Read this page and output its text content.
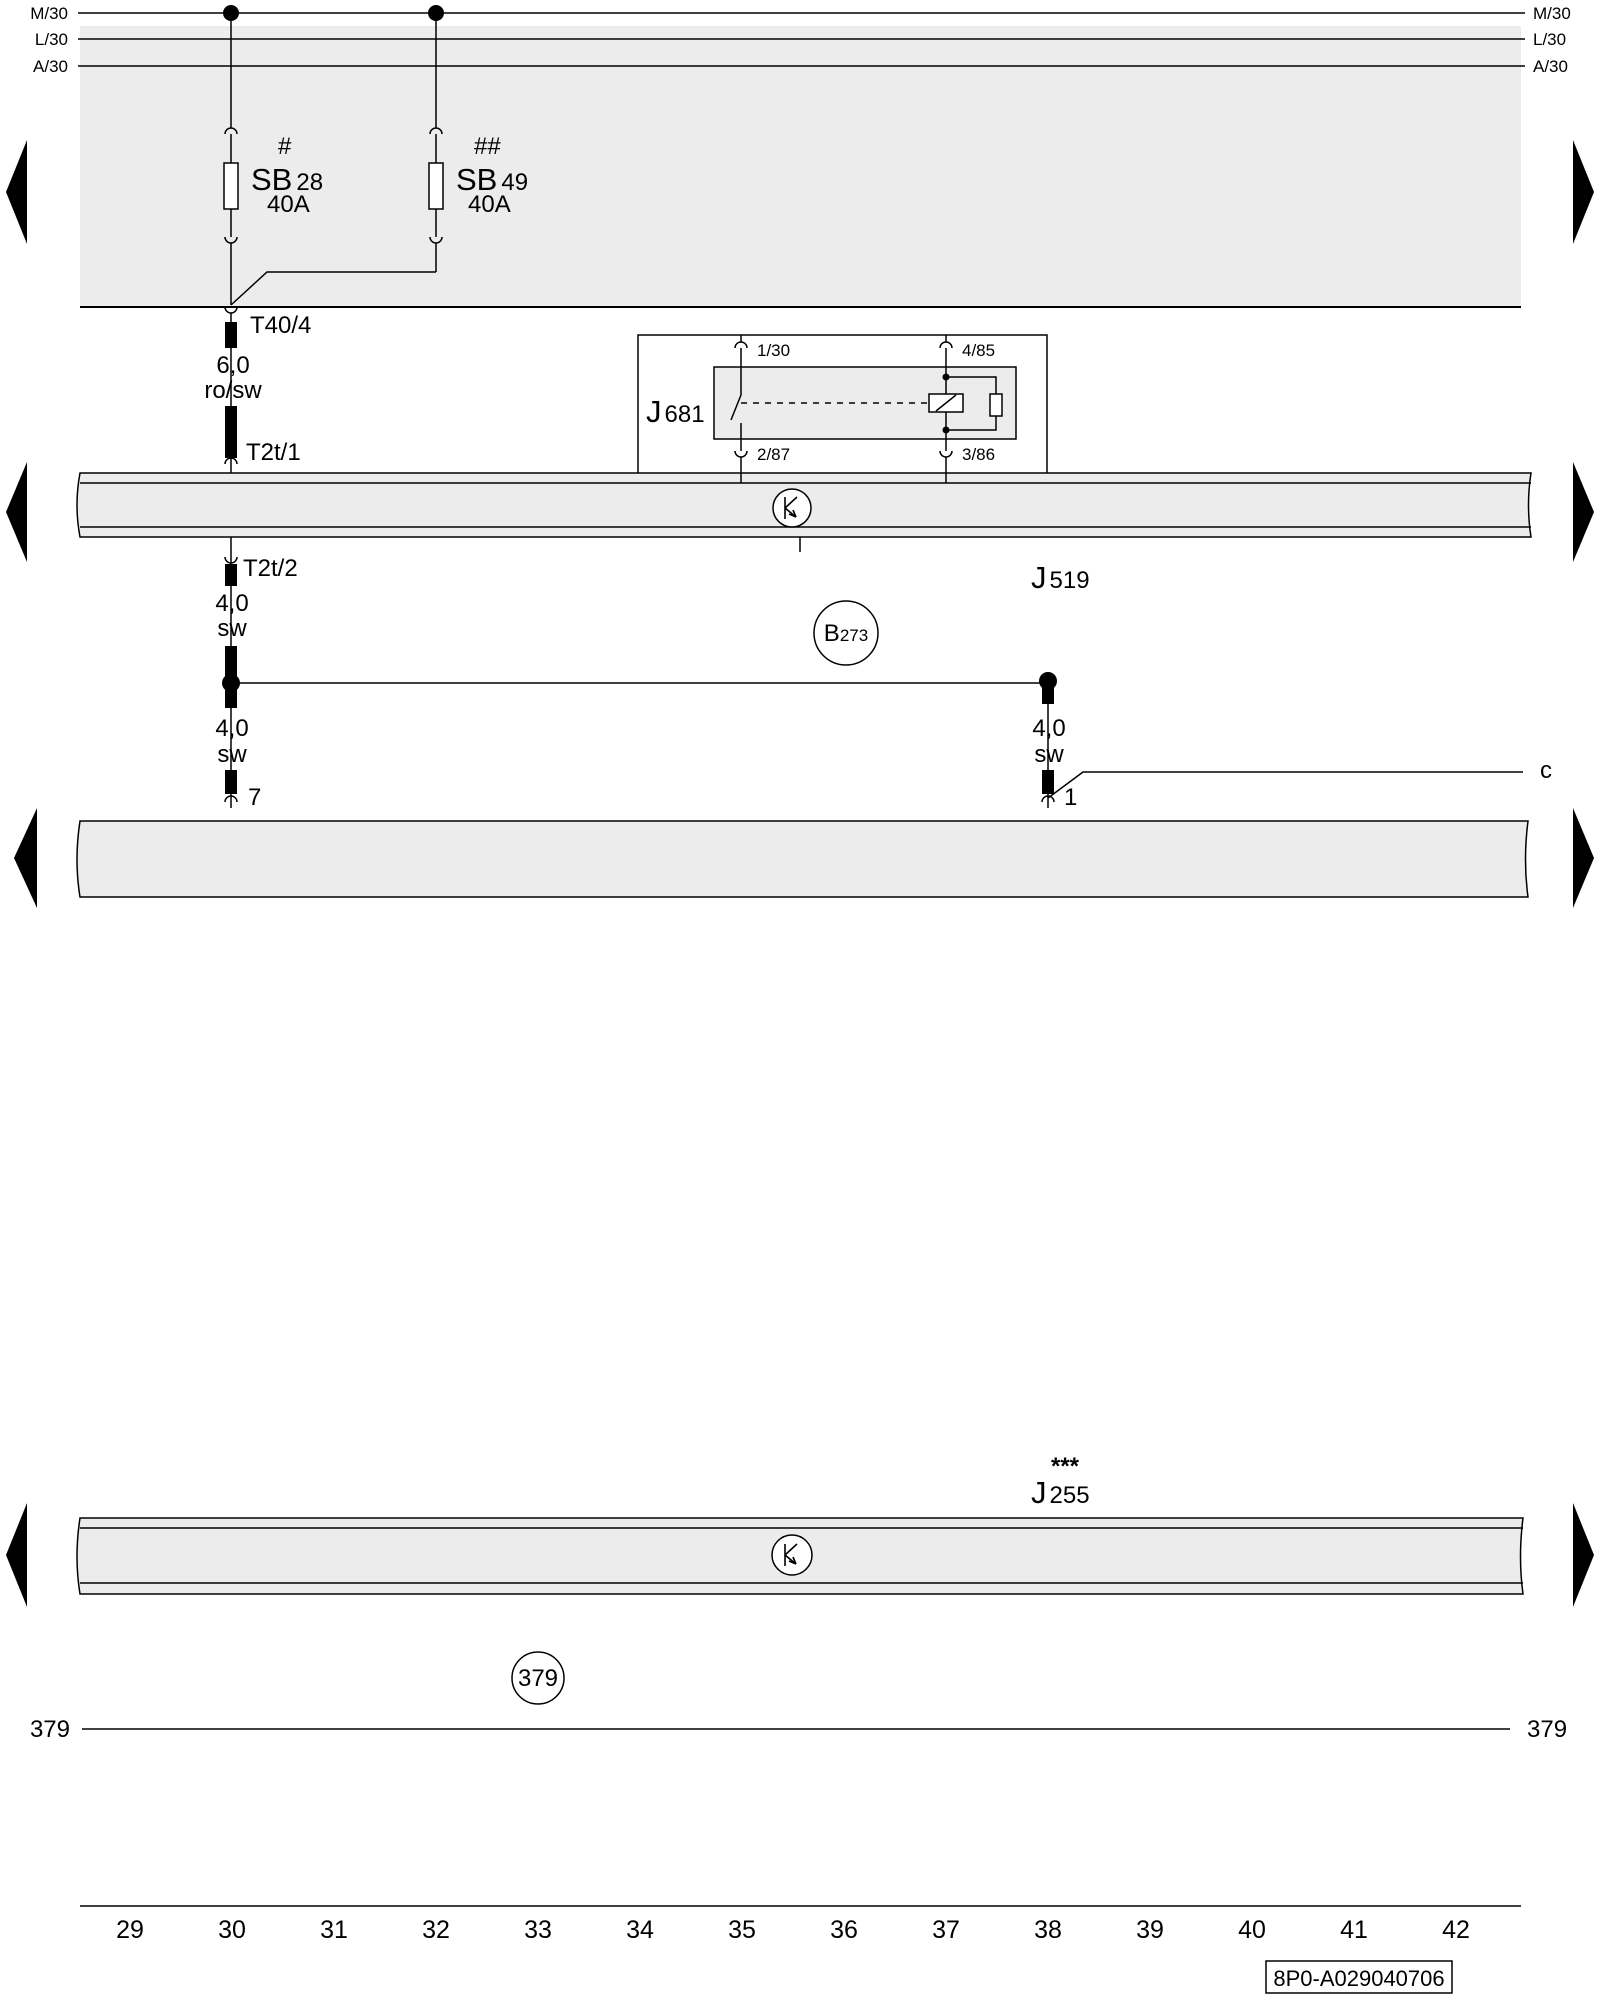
M/30
L/30
A/30
M/30
L/30
A/30
#
SB 28
40A
##
SB 49
40A
T40/4
6,0
ro/sw
T2t/1
J 519
J 681
1/30
2/87
4/85
3/86
T2t/2
4,0
sw	B273
4,0
sw
7
4,0
sw
1
c
***
J 255
379
379	379
29	30	31	32	33	34	35	36	37	38	39	40	41	42
8P0-A029040706
